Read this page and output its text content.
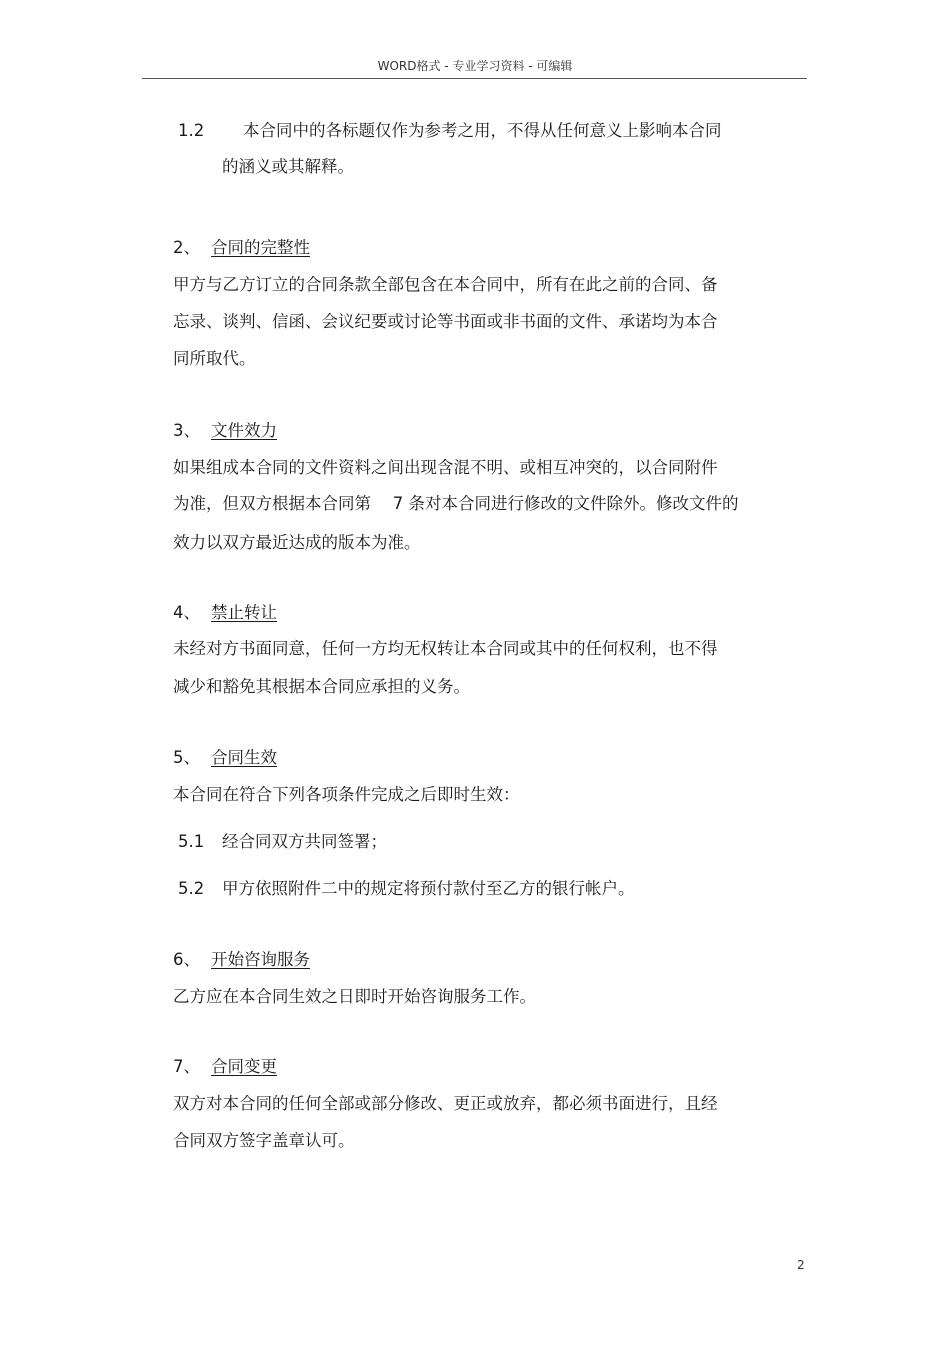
WORD格式 - 专业学习资料 - 可编辑
1.2 本合同中的各标题仅作为参考之用，不得从任何意义上影响本合同
的涵义或其解释。
2、 合同的完整性
甲方与乙方订立的合同条款全部包含在本合同中，所有在此之前的合同、备
忘录、谈判、信函、会议纪要或讨论等书面或非书面的文件、承诺均为本合
同所取代。
3、 文件效力
如果组成本合同的文件资料之间出现含混不明、或相互冲突的，以合同附件
为准，但双方根据本合同第　 7 条对本合同进行修改的文件除外。修改文件的
效力以双方最近达成的版本为准。
4、 禁止转让
未经对方书面同意，任何一方均无权转让本合同或其中的任何权利，也不得
减少和豁免其根据本合同应承担的义务。
5、 合同生效
本合同在符合下列各项条件完成之后即时生效：
5.1 经合同双方共同签署；
5.2 甲方依照附件二中的规定将预付款付至乙方的银行帐户。
6、 开始咨询服务
乙方应在本合同生效之日即时开始咨询服务工作。
7、 合同变更
双方对本合同的任何全部或部分修改、更正或放弃，都必须书面进行，且经
合同双方签字盖章认可。
2
